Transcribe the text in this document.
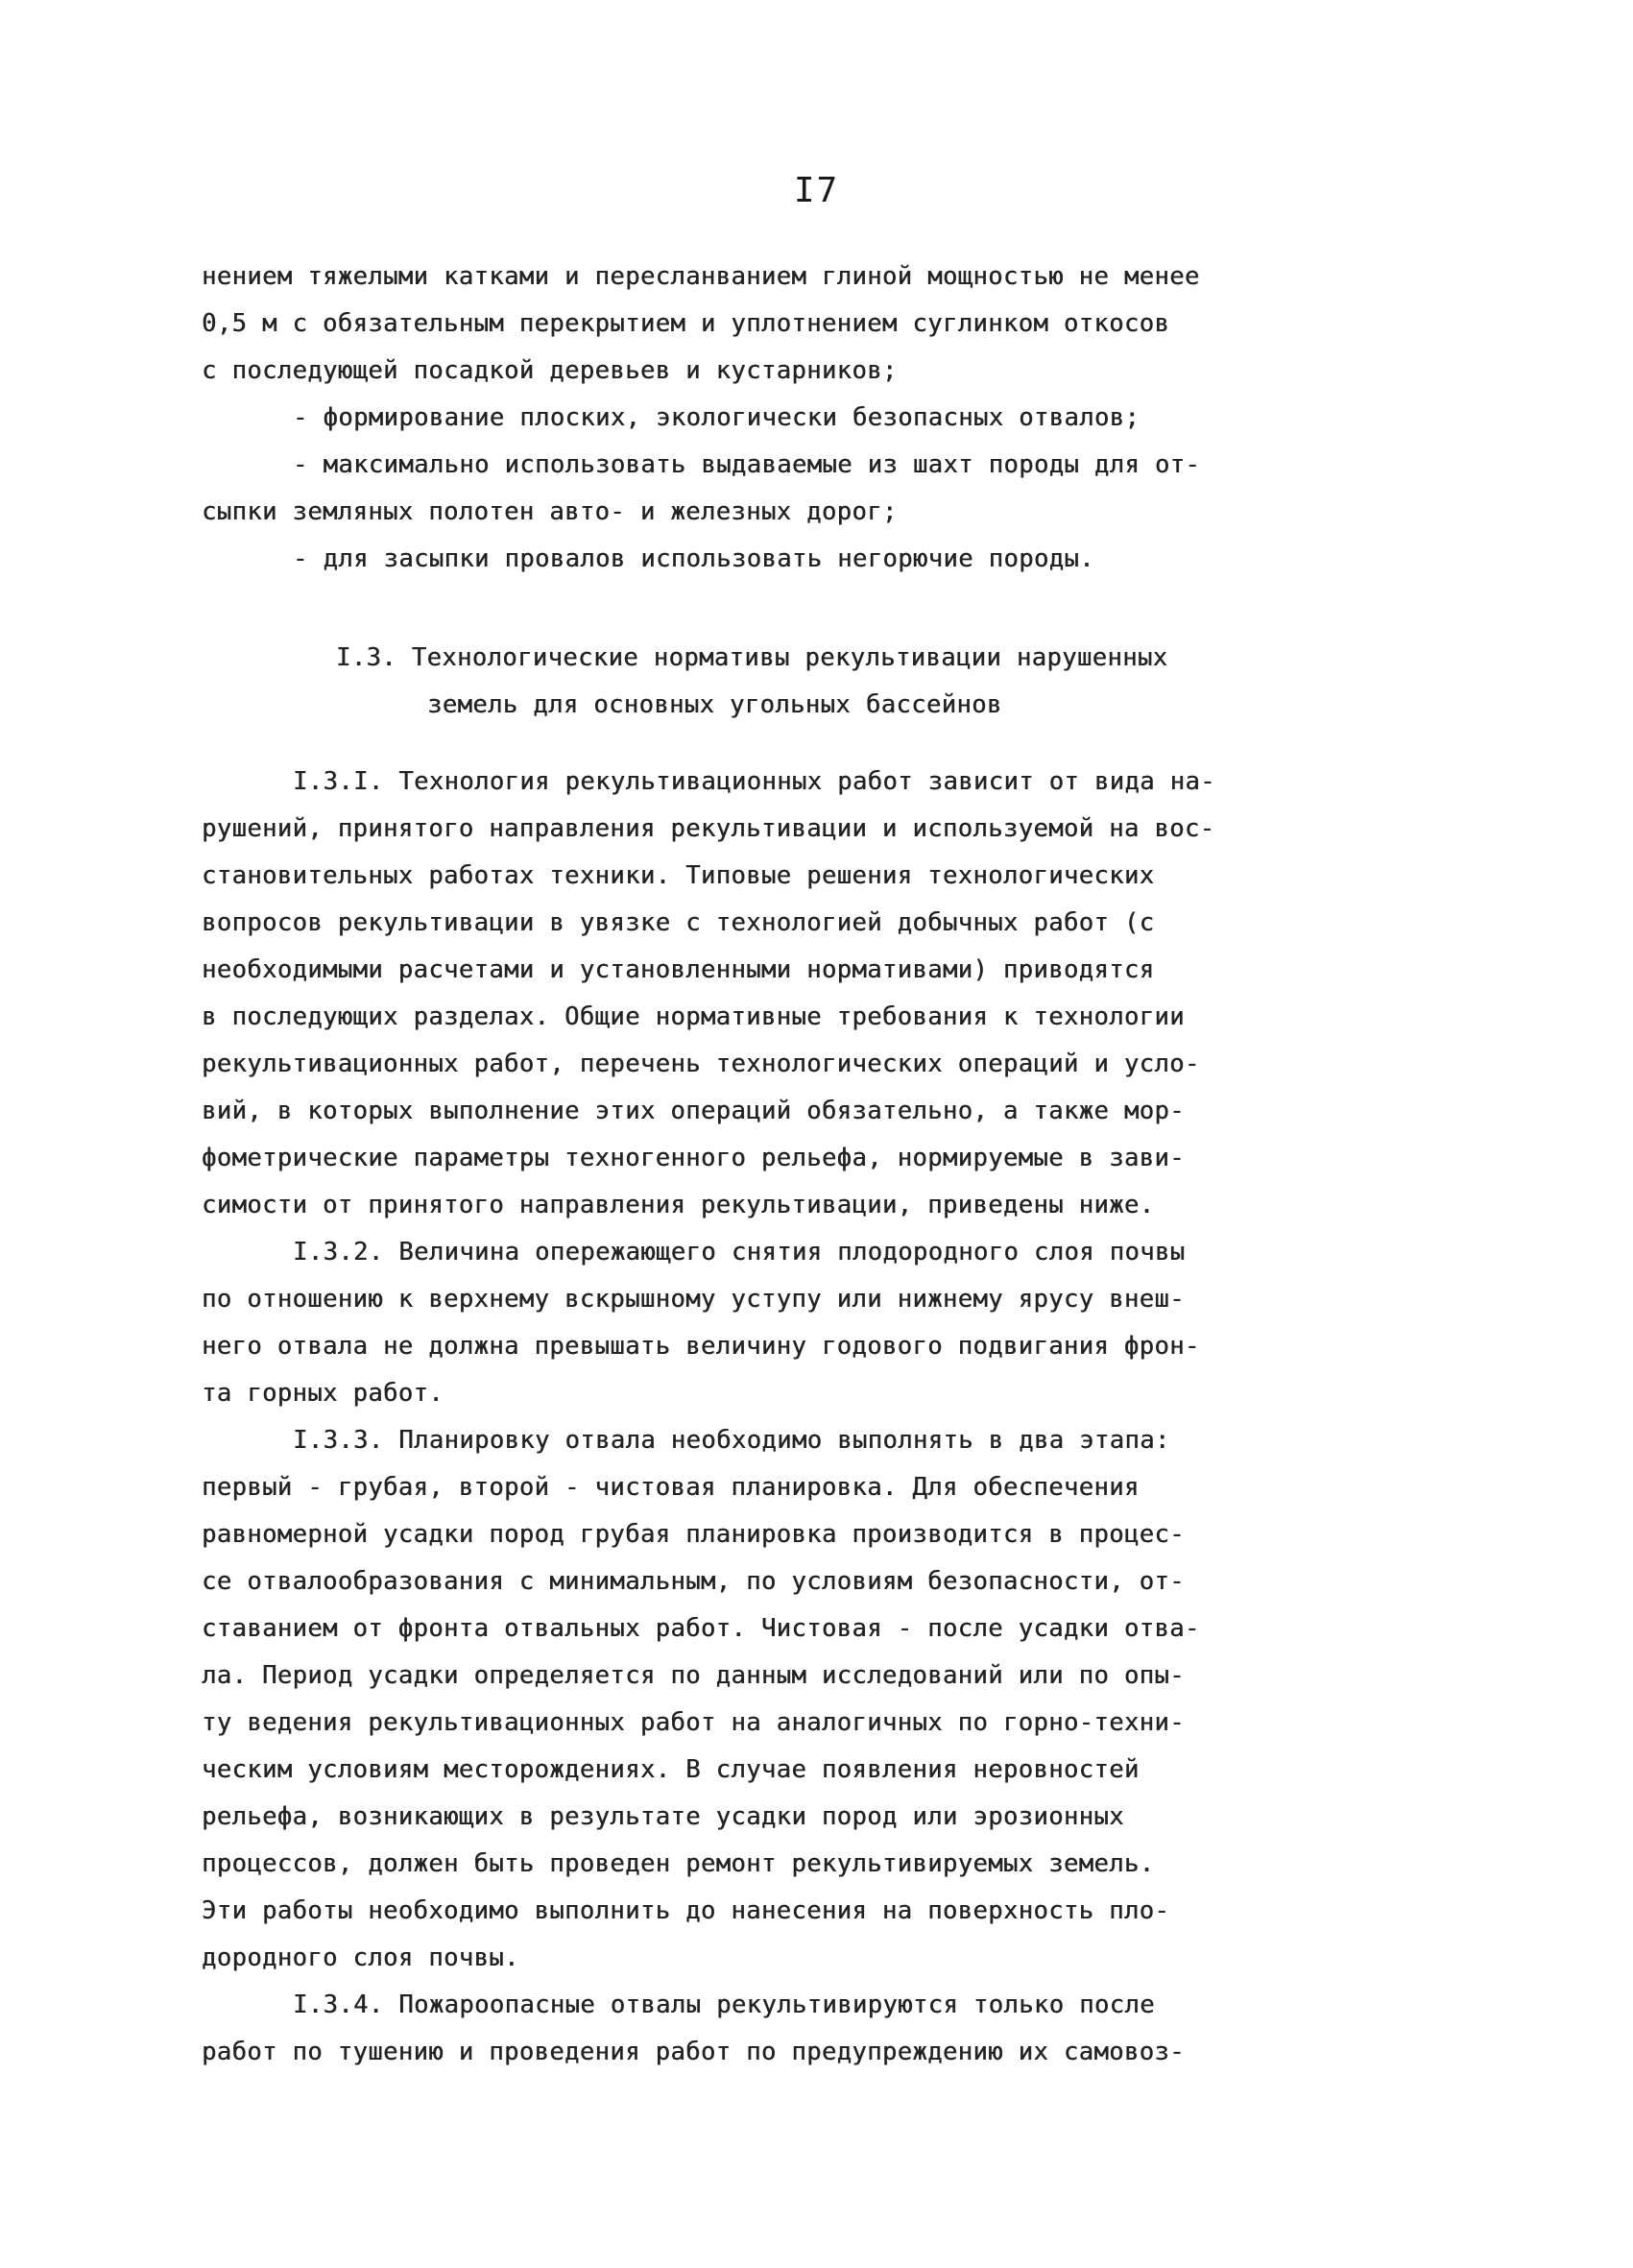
I7
нением тяжелыми катками и пересланванием глиной мощностью не менее
0,5 м с обязательным перекрытием и уплотнением суглинком откосов
с последующей посадкой деревьев и кустарников;
- формирование плоских, экологически безопасных отвалов;
- максимально использовать выдаваемые из шахт породы для от-
сыпки земляных полотен авто- и железных дорог;
- для засыпки провалов использовать негорючие породы.
I.3. Технологические нормативы рекультивации нарушенных
земель для основных угольных бассейнов
I.3.I. Технология рекультивационных работ зависит от вида на-
рушений, принятого направления рекультивации и используемой на вос-
становительных работах техники. Типовые решения технологических
вопросов рекультивации в увязке с технологией добычных работ (с
необходимыми расчетами и установленными нормативами) приводятся
в последующих разделах. Общие нормативные требования к технологии
рекультивационных работ, перечень технологических операций и усло-
вий, в которых выполнение этих операций обязательно, а также мор-
фометрические параметры техногенного рельефа, нормируемые в зави-
симости от принятого направления рекультивации, приведены ниже.
I.3.2. Величина опережающего снятия плодородного слоя почвы
по отношению к верхнему вскрышному уступу или нижнему ярусу внеш-
него отвала не должна превышать величину годового подвигания фрон-
та горных работ.
I.3.3. Планировку отвала необходимо выполнять в два этапа:
первый - грубая, второй - чистовая планировка. Для обеспечения
равномерной усадки пород грубая планировка производится в процес-
се отвалообразования с минимальным, по условиям безопасности, от-
ставанием от фронта отвальных работ. Чистовая - после усадки отва-
ла. Период усадки определяется по данным исследований или по опы-
ту ведения рекультивационных работ на аналогичных по горно-техни-
ческим условиям месторождениях. В случае появления неровностей
рельефа, возникающих в результате усадки пород или эрозионных
процессов, должен быть проведен ремонт рекультивируемых земель.
Эти работы необходимо выполнить до нанесения на поверхность пло-
дородного слоя почвы.
I.3.4. Пожароопасные отвалы рекультивируются только после
работ по тушению и проведения работ по предупреждению их самовоз-
